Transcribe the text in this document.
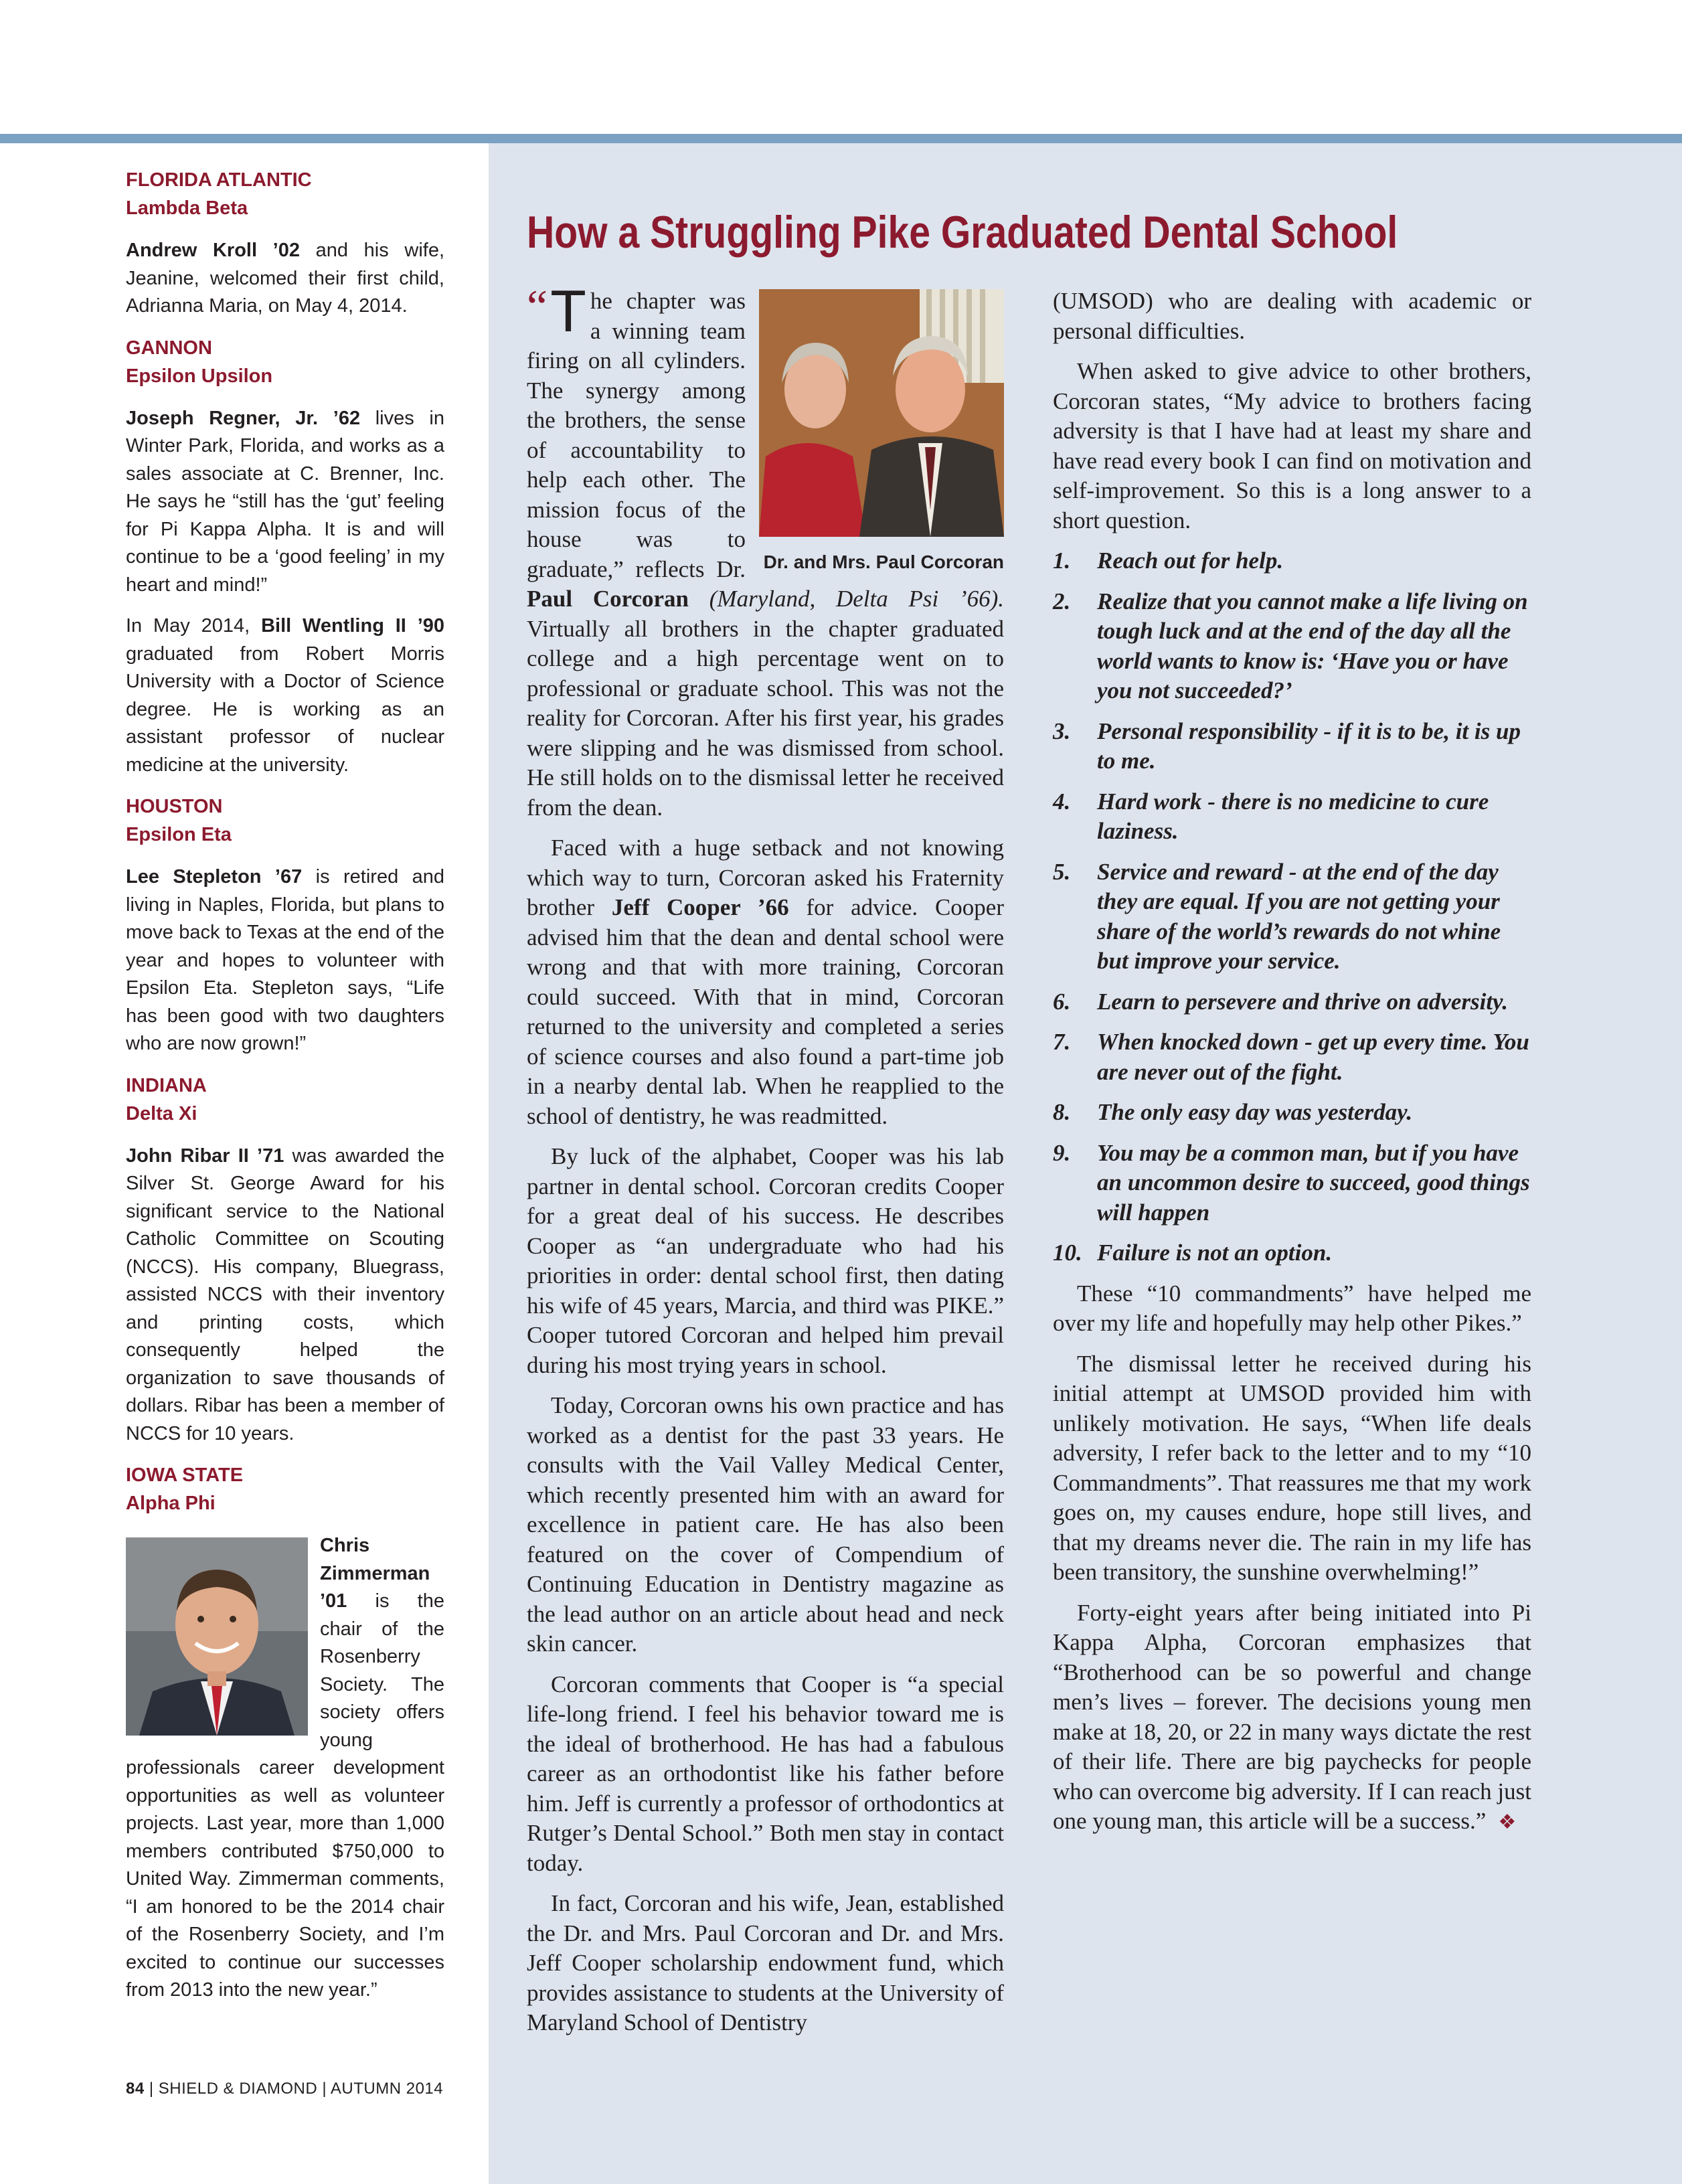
FLORIDA ATLANTIC
Lambda Beta

Andrew Kroll ’02 and his wife, Jeanine, welcomed their first child, Adrianna Maria, on May 4, 2014.

GANNON
Epsilon Upsilon

Joseph Regner, Jr. ’62 lives in Winter Park, Florida, and works as a sales associate at C. Brenner, Inc. He says he “still has the ‘gut’ feeling for Pi Kappa Alpha. It is and will continue to be a ‘good feeling’ in my heart and mind!”

In May 2014, Bill Wentling II ’90 graduated from Robert Morris University with a Doctor of Science degree. He is working as an assistant professor of nuclear medicine at the university.

HOUSTON
Epsilon Eta

Lee Stepleton ’67 is retired and living in Naples, Florida, but plans to move back to Texas at the end of the year and hopes to volunteer with Epsilon Eta. Stepleton says, “Life has been good with two daughters who are now grown!”

INDIANA
Delta Xi

John Ribar II ’71 was awarded the Silver St. George Award for his significant service to the National Catholic Committee on Scouting (NCCS). His company, Bluegrass, assisted NCCS with their inventory and printing costs, which consequently helped the organization to save thousands of dollars. Ribar has been a member of NCCS for 10 years.

IOWA STATE
Alpha Phi

Chris Zimmerman ’01 is the chair of the Rosenberry Society. The society offers young professionals career development opportunities as well as volunteer projects. Last year, more than 1,000 members contributed $750,000 to United Way. Zimmerman comments, “I am honored to be the 2014 chair of the Rosenberry Society, and I’m excited to continue our successes from 2013 into the new year.”

84 | SHIELD & DIAMOND | AUTUMN 2014
How a Struggling Pike Graduated Dental School
Dr. and Mrs. Paul Corcoran

“ T he chapter was a winning team firing on all cylinders. The synergy among the brothers, the sense of accountability to help each other. The mission focus of the house was to graduate,” reflects Dr. Paul Corcoran (Maryland, Delta Psi ’66). Virtually all brothers in the chapter graduated college and a high percentage went on to professional or graduate school. This was not the reality for Corcoran. After his first year, his grades were slipping and he was dismissed from school. He still holds on to the dismissal letter he received from the dean.

Faced with a huge setback and not knowing which way to turn, Corcoran asked his Fraternity brother Jeff Cooper ’66 for advice. Cooper advised him that the dean and dental school were wrong and that with more training, Corcoran could succeed. With that in mind, Corcoran returned to the university and completed a series of science courses and also found a part-time job in a nearby dental lab. When he reapplied to the school of dentistry, he was readmitted.

By luck of the alphabet, Cooper was his lab partner in dental school. Corcoran credits Cooper for a great deal of his success. He describes Cooper as “an undergraduate who had his priorities in order: dental school first, then dating his wife of 45 years, Marcia, and third was PIKE.” Cooper tutored Corcoran and helped him prevail during his most trying years in school.

Today, Corcoran owns his own practice and has worked as a dentist for the past 33 years. He consults with the Vail Valley Medical Center, which recently presented him with an award for excellence in patient care. He has also been featured on the cover of Compendium of Continuing Education in Dentistry magazine as the lead author on an article about head and neck skin cancer.

Corcoran comments that Cooper is “a special life-long friend. I feel his behavior toward me is the ideal of brotherhood. He has had a fabulous career as an orthodontist like his father before him. Jeff is currently a professor of orthodontics at Rutger’s Dental School.” Both men stay in contact today.

In fact, Corcoran and his wife, Jean, established the Dr. and Mrs. Paul Corcoran and Dr. and Mrs. Jeff Cooper scholarship endowment fund, which provides assistance to students at the University of Maryland School of Dentistry

(UMSOD) who are dealing with academic or personal difficulties.

When asked to give advice to other brothers, Corcoran states, “My advice to brothers facing adversity is that I have had at least my share and have read every book I can find on motivation and self-improvement. So this is a long answer to a short question.

1. Reach out for help.
2. Realize that you cannot make a life living on tough luck and at the end of the day all the world wants to know is: ‘Have you or have you not succeeded?’
3. Personal responsibility - if it is to be, it is up to me.
4. Hard work - there is no medicine to cure laziness.
5. Service and reward - at the end of the day they are equal. If you are not getting your share of the world’s rewards do not whine but improve your service.
6. Learn to persevere and thrive on adversity.
7. When knocked down - get up every time. You are never out of the fight.
8. The only easy day was yesterday.
9. You may be a common man, but if you have an uncommon desire to succeed, good things will happen
10. Failure is not an option.

These “10 commandments” have helped me over my life and hopefully may help other Pikes.”

The dismissal letter he received during his initial attempt at UMSOD provided him with unlikely motivation. He says, “When life deals adversity, I refer back to the letter and to my “10 Commandments”. That reassures me that my work goes on, my causes endure, hope still lives, and that my dreams never die. The rain in my life has been transitory, the sunshine overwhelming!”

Forty-eight years after being initiated into Pi Kappa Alpha, Corcoran emphasizes that “Brotherhood can be so powerful and change men’s lives – forever. The decisions young men make at 18, 20, or 22 in many ways dictate the rest of their life. There are big paychecks for people who can overcome big adversity. If I can reach just one young man, this article will be a success.” ❖
